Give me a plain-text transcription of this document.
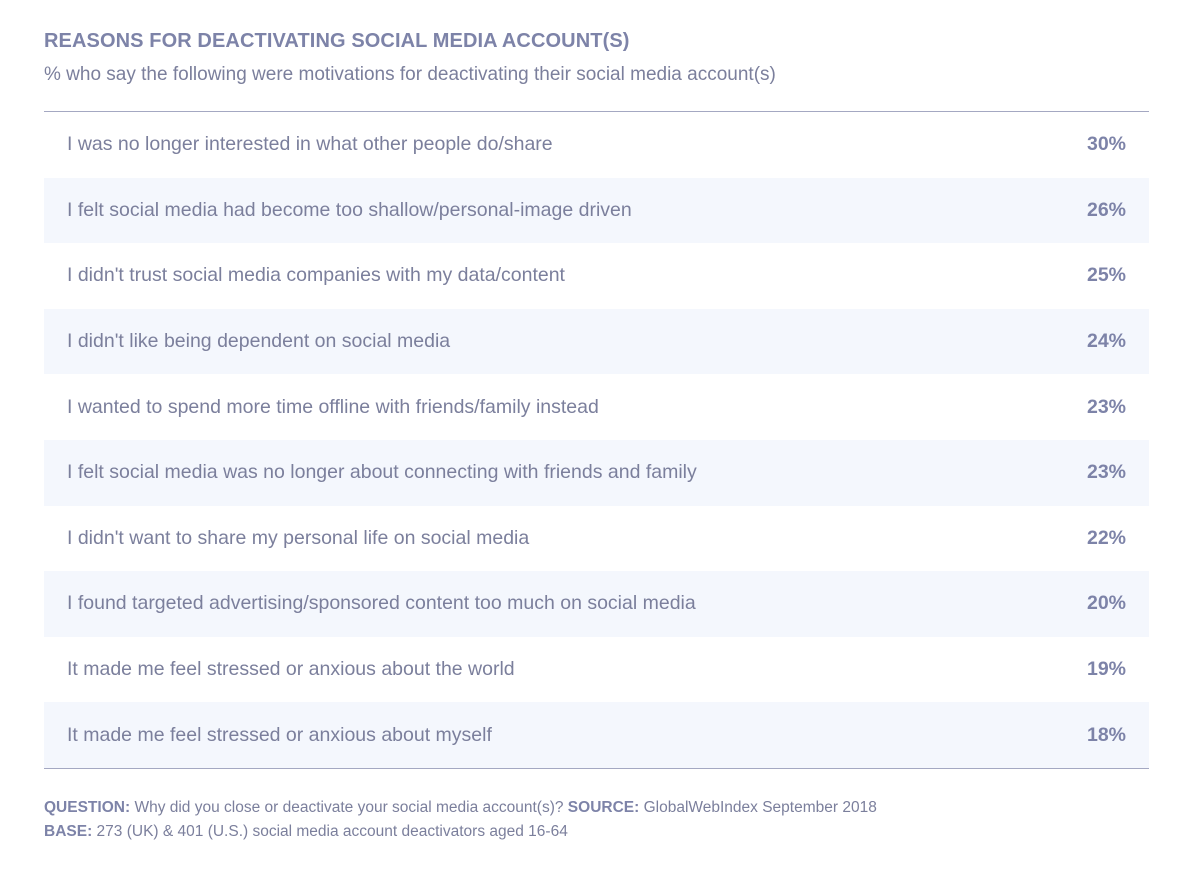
REASONS FOR DEACTIVATING SOCIAL MEDIA ACCOUNT(S)

% who say the following were motivations for deactivating their social media account(s)

I was no longer interested in what other people do/share	30%
I felt social media had become too shallow/personal-image driven	26%
I didn't trust social media companies with my data/content	25%
I didn't like being dependent on social media	24%
I wanted to spend more time offline with friends/family instead	23%
I felt social media was no longer about connecting with friends and family	23%
I didn't want to share my personal life on social media	22%
I found targeted advertising/sponsored content too much on social media	20%
It made me feel stressed or anxious about the world	19%
It made me feel stressed or anxious about myself	18%
QUESTION: Why did you close or deactivate your social media account(s)? SOURCE: GlobalWebIndex September 2018
BASE: 273 (UK) & 401 (U.S.) social media account deactivators aged 16-64
